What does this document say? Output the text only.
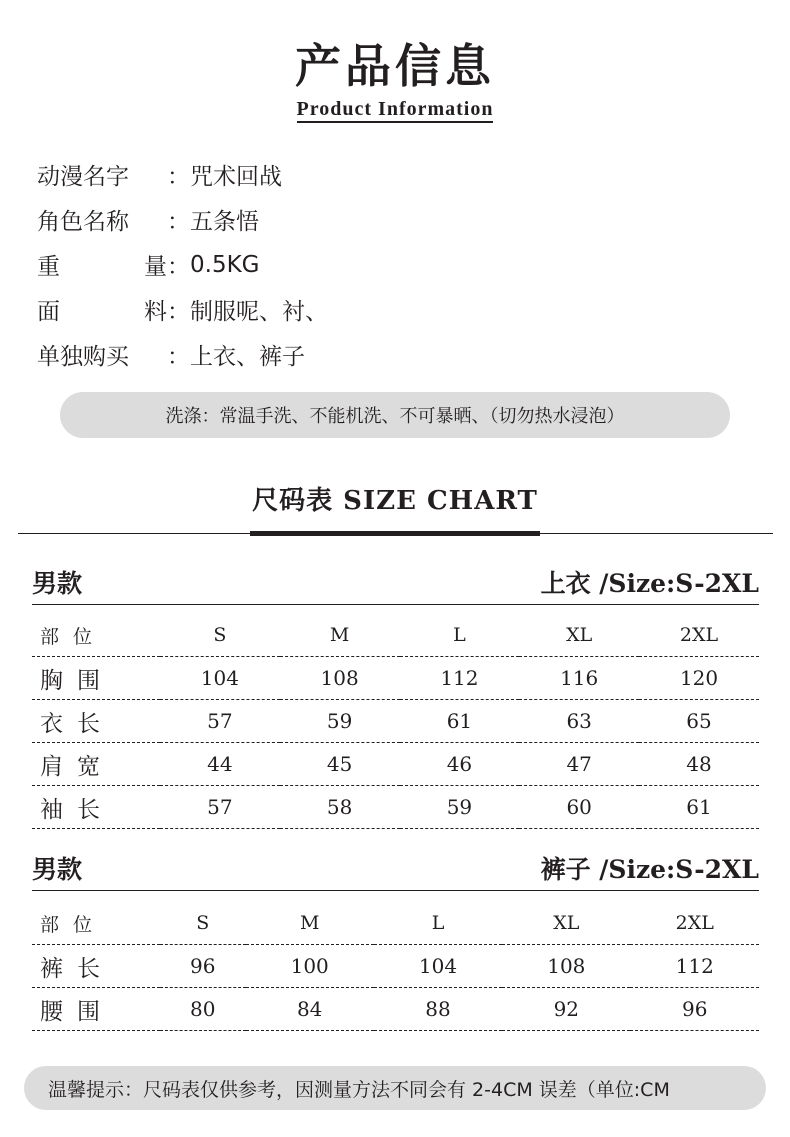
产品信息
Product Information
动漫名字	： 咒术回战
角色名称	： 五条悟
重	量 ： 0.5KG
面	料 ： 制服呢、衬、
单独购买	： 上衣、裤子
洗涤：常温手洗、不能机洗、不可暴晒、（切勿热水浸泡）
尺码表 SIZE CHART
男款	上衣 /Size:S-2XL
部位	S	M	L	XL	2XL
胸围	104	108	112	116	120
衣长	57	59	61	63	65
肩宽	44	45	46	47	48
袖长	57	58	59	60	61
男款	裤子 /Size:S-2XL
部位	S	M	L	XL	2XL
裤长	96	100	104	108	112
腰围	80	84	88	92	96
温馨提示：尺码表仅供参考，因测量方法不同会有 2-4CM 误差（单位:CM
